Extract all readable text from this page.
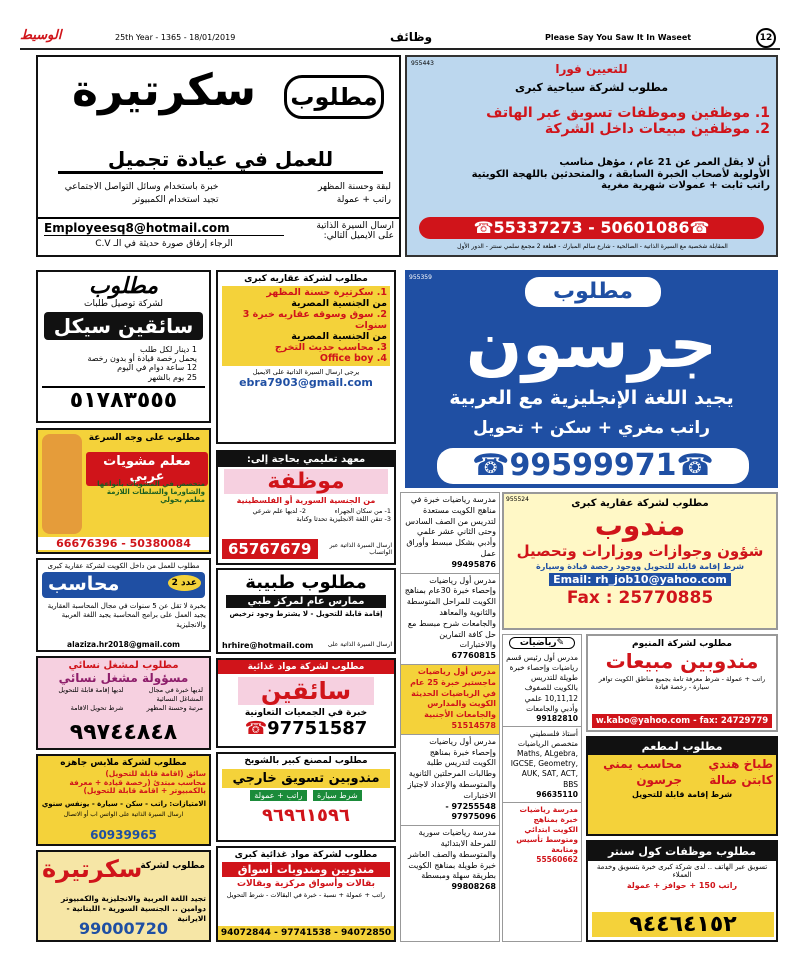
الوسيط	25th Year - 1365 - 18/01/2019	وظائف	Please Say You Saw It In Waseet	12
مطلوب
سكرتيرة
للعمل في عيادة تجميل
لبقة وحسنة المظهر
خبرة باستخدام وسائل التواصل الاجتماعي
راتب + عمولة
تجيد استخدام الكمبيوتر
Employeesq8@hotmail.com
الرجاء إرفاق صورة حديثة في الـ C.V
ارسال السيرة الذاتية
على الايميل التالي:
955443	للتعيين فورا
مطلوب لشركة سياحية كبرى
1. موظفين وموظفات تسويق عبر الهاتف
2. موظفين مبيعات داخل الشركة
أن لا يقل العمر عن 21 عام ، مؤهل مناسب
الأولوية لأصحاب الخبرة السابقة ، والمتحدثين باللهجة الكويتية
راتب ثابت + عمولات شهرية مغرية
☎55337273 - 50601086☎
المقابلة شخصية مع السيرة الذاتية - الصالحية - شارع سالم المبارك - قطعة 2 مجمع سلمي سنتر - الدور الأول
مطلوب
لشركة توصيل طلبات
سائقين سيكل
1 دينار لكل طلب
يحمل رخصة قيادة أو بدون رخصة
12 ساعة دوام في اليوم
25 يوم بالشهر
٥١٧٨٣٥٥٥
مطلوب على وجه السرعة
معلم مشويات عربي
متخصص في المشويات بأنواعها
والشاورما والسلطات اللازمة
مطعم بحولي
66676396 - 50380084
مطلوب للعمل من داخل الكويت لشركة عقارية كبرى
محاسب	عدد 2
بخبرة لا تقل عن 5 سنوات في مجال المحاسبة العقارية يجيد العمل على برامج المحاسبة يجيد اللغة العربية والانجليزية
alaziza.hr2018@gmail.com
مطلوب لمشغل نسائي
مسؤولة مشغل نسائي
لديها خبرة في مجال المشاغل النسائية
لديها إقامة قابلة للتحويل
مرتبة وحسنة المظهر
شرط تحويل الاقامة
٩٩٧٤٤٨٤٨
مطلوب لشركة ملابس جاهزه
سائق (اقامة قابلة للتحويل)
محاسب مبتدئ (رخصة قيادة + معرفة بالكمبيوتر + اقامة قابلة للتحويل)
الامتيازات: راتب - سكن - سيارة - يونفس سنوي
ارسال السيرة الذاتية على الواتس اب أو الاتصال
60939965
سكرتيرة
مطلوب لشركة
تجيد اللغة العربية والانجليزية والكمبيوتر دوامين .. الجنسية السورية - اللبنانية - الايرانية
99000720
مطلوب لشركة عقاريه كبرى
1. سكرتيرة حسنة المظهر
من الجنسية المصرية
2. سوق وسوقه عقاريه خبرة 3 سنوات
من الجنسية المصرية
3. محاسب حديث التخرج
Office boy .4
يرجى ارسال السيرة الذاتية على الايميل
ebra7903@gmail.com
معهد تعليمي بحاجة إلى:
موظفة
من الجنسية السورية أو الفلسطينية
1- من سكان الجهراء
2- لديها علم شرعي
3- تتقن اللغة الانجليزية تحدثا وكتابة
65767679	ارسال السيرة الذاتية عبر الواتساب
مطلوب طبيبة
ممارس عام لمركز طبي
إقامة قابلة للتحويل - لا يشترط وجود ترخيص
hrhire@hotmail.com ارسال السيرة الذاتية على
مطلوب لشركة مواد غذائية
سائقين
خبرة في الجمعيات التعاونية
☎97751587
مطلوب لمصنع كبير بالشويخ
مندوبين تسويق خارجي
شرط سيارة راتب + عمولة
٩٦٩٦١٥٩٦
مطلوب لشركة مواد غذائية كبرى
مندوبين ومندوبات أسواق
بقالات وأسواق مركزية وبقالات
راتب + عمولة + نسبة - خبرة في البقالات - شرط التحويل
94072844 - 97741538 - 94072850
955359
مطلوب
جرسون
يجيد اللغة الإنجليزية مع العربية
راتب مغري + سكن + تحويل
☎99599971☎
مدرسة رياضيات خبرة في مناهج الكويت مستعدة لتدريس من الصف السادس وحتى الثاني عشر علمي وأدبي بشكل مبسط وأوراق عمل
99495876
مدرس أول رياضيات وإحصاء خبرة 30عام بمناهج الكويت للمراحل المتوسطة والثانوية والمعاهد والجامعات شرح مبسط مع حل كافة التمارين والاختبارات
67760815
مدرس أول رياضيات ماجستير خبرة 25 عام في الرياضيات الحديثة الكويت والمدارس والجامعات الأجنبية
51514578
مدرس أول رياضيات وإحصاء خبرة بمناهج الكويت لتدريس طلبة وطالبات المرحلتين الثانوية والمتوسطة والإعداد لاجتياز الاختبارات
97255548 - 97975096
مدرسة رياضيات سورية للمرحلة الابتدائية والمتوسطة والصف العاشر خبرة طويلة بمناهج الكويت بطريقة سهلة ومبسطة
99808268
955524	مطلوب لشركة عقارية كبرى
مندوب
شؤون وجوازات ووزارات وتحصيل
شرط إقامة قابلة للتحويل ووجود رخصة قيادة وسيارة
Email: rh_job10@yahoo.com
Fax : 25770885
✎رياضيات
مدرس أول رئيس قسم رياضيات وإحصاء خبرة طويلة للتدريس بالكويت للصفوف 10,11,12 علمي وأدبي والجامعات
99182810
أستاذ فلسطيني متخصص الرياضيات Maths, ALgebra, IGCSE, Geometry, AUK, SAT, ACT, BBS
96635110
مدرسة رياضيات خبرة بمناهج الكويت ابتدائي ومتوسط تأسيس ومتابعة
55560662
مطلوب لشركة المنيوم
مندوبين مبيعات
راتب + عمولة - شرط معرفة تامة بجميع مناطق الكويت توافر سيارة - رخصة قيادة
w.kabo@yahoo.com - fax: 24729779
مطلوب لمطعم
طباخ هندي
محاسب يمني
كابتن صالة
جرسون
شرط إقامة قابلة للتحويل
مطلوب موظفات كول سنتر
تسويق عبر الهاتف .. لدى شركة كبرى خبرة بتسويق وخدمة العملاء
راتب 150 + حوافز + عمولة
٩٤٤٦٤١٥٢
